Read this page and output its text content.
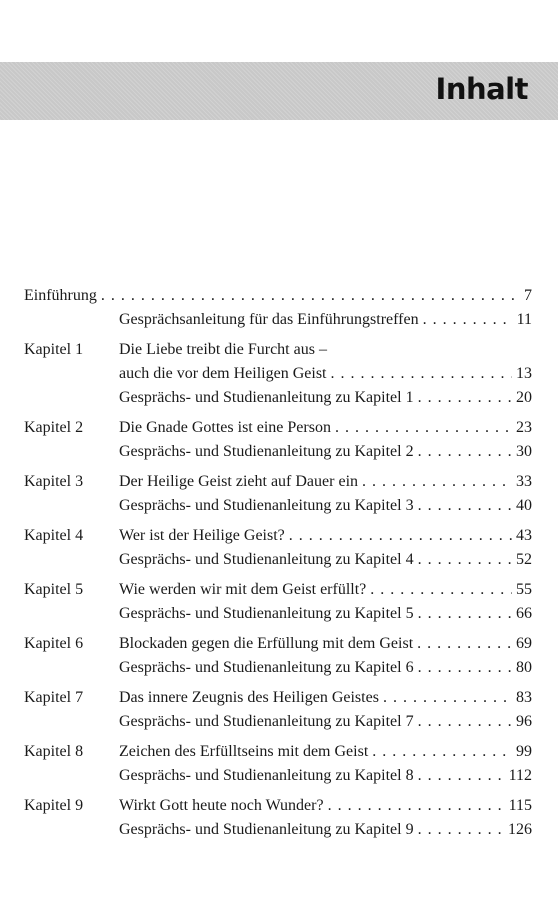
Inhalt
Einführung . . .	7
Gesprächsanleitung für das Einführungstreffen . . .	11
Kapitel 1 Die Liebe treibt die Furcht aus –
auch die vor dem Heiligen Geist . . .	13
Gesprächs- und Studienanleitung zu Kapitel 1 . . .	20
Kapitel 2 Die Gnade Gottes ist eine Person . . .	23
Gesprächs- und Studienanleitung zu Kapitel 2 . . .	30
Kapitel 3 Der Heilige Geist zieht auf Dauer ein . . .	33
Gesprächs- und Studienanleitung zu Kapitel 3 . . .	40
Kapitel 4 Wer ist der Heilige Geist? . . .	43
Gesprächs- und Studienanleitung zu Kapitel 4 . . .	52
Kapitel 5 Wie werden wir mit dem Geist erfüllt? . . .	55
Gesprächs- und Studienanleitung zu Kapitel 5 . . .	66
Kapitel 6 Blockaden gegen die Erfüllung mit dem Geist . . .	69
Gesprächs- und Studienanleitung zu Kapitel 6 . . .	80
Kapitel 7 Das innere Zeugnis des Heiligen Geistes . . .	83
Gesprächs- und Studienanleitung zu Kapitel 7 . . .	96
Kapitel 8 Zeichen des Erfülltseins mit dem Geist . . .	99
Gesprächs- und Studienanleitung zu Kapitel 8 . . .	112
Kapitel 9 Wirkt Gott heute noch Wunder? . . .	115
Gesprächs- und Studienanleitung zu Kapitel 9 . . .	126
